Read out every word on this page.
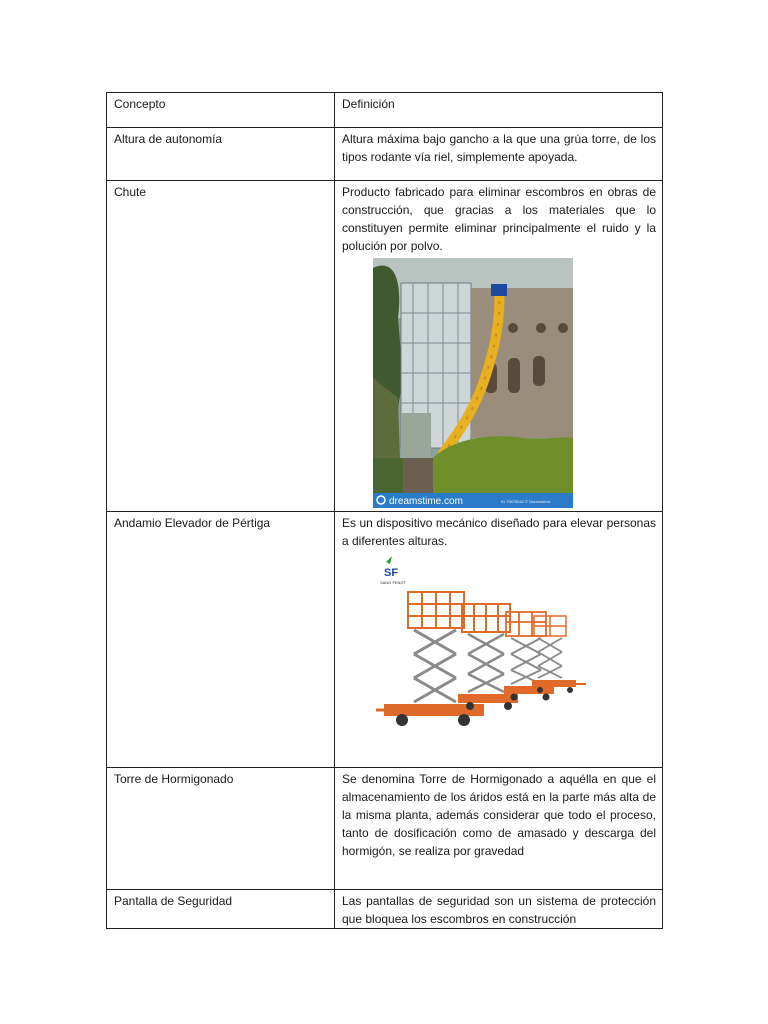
Concepto	Definición
Altura de autonomía	Altura máxima bajo gancho a la que una grúa torre, de los tipos rodante vía riel, simplemente apoyada.
Chute	Producto fabricado para eliminar escombros en obras de construcción, que gracias a los materiales que lo constituyen permite eliminar principalmente el ruido y la polución por polvo.
dreamstime.com ID 79876543 © Dreamstime

Andamio Elevador de Pértiga	Es un dispositivo mecánico diseñado para elevar personas a diferentes alturas.
SF
SANG FENGT

Torre de Hormigonado	Se denomina Torre de Hormigonado a aquélla en que el almacenamiento de los áridos está en la parte más alta de la misma planta, además considerar que todo el proceso, tanto de dosificación como de amasado y descarga del hormigón, se realiza por gravedad
Pantalla de Seguridad	Las pantallas de seguridad son un sistema de protección que bloquea los escombros en construcción
